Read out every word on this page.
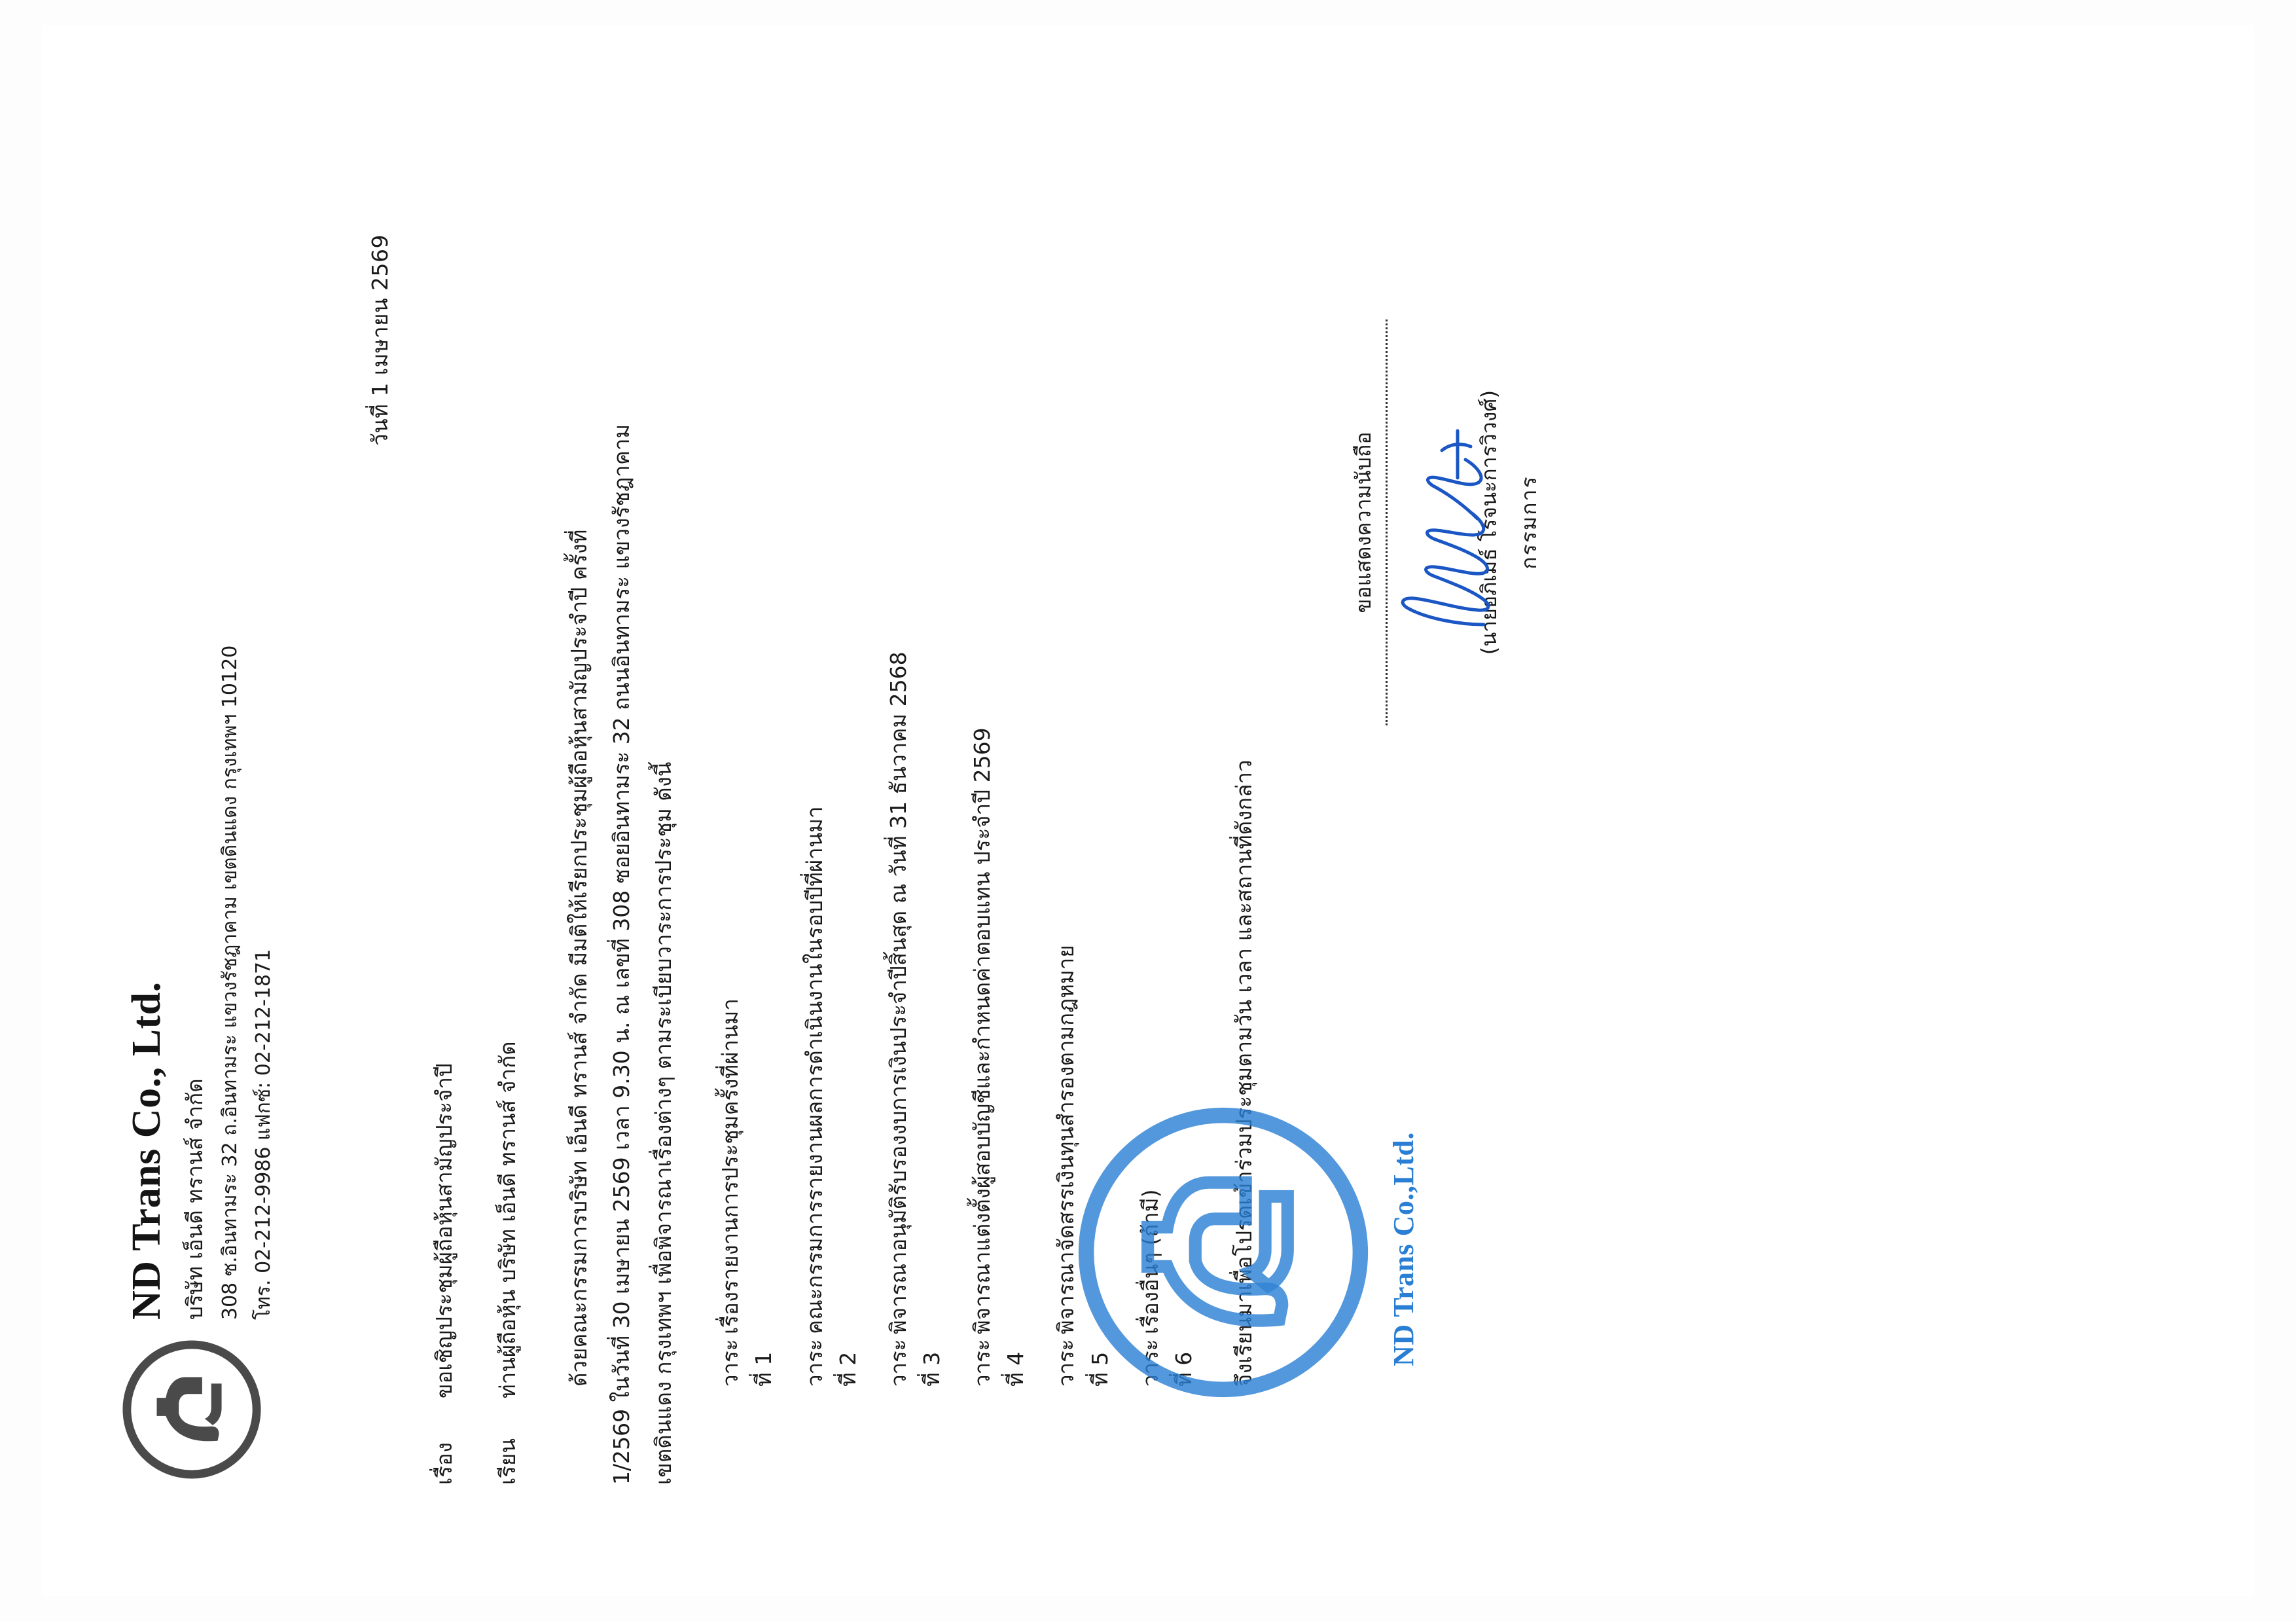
ND Trans Co., Ltd. บริษัท เอ็นดี ทรานส์ จำกัด 308 ซ.อินทามระ 32 ถ.อินทามระ แขวงรัชฎาคาม เขตดินแดง กรุงเทพฯ 10120 โทร. 02-212-9986 แฟกซ์: 02-212-1871
วันที่ 1 เมษายน 2569
เรื่อง
ขอเชิญประชุมผู้ถือหุ้นสามัญประจำปี
เรียน
ท่านผู้ถือหุ้น บริษัท เอ็นดี ทรานส์ จำกัด	ด้วยคณะกรรมการบริษัท เอ็นดี ทรานส์ จำกัด มีมติให้เรียกประชุมผู้ถือหุ้นสามัญประจำปี ครั้งที่ 1/2569 ในวันที่ 30 เมษายน 2569 เวลา 9.30 น. ณ เลขที่ 308 ซอยอินทามระ 32 ถนนอินทามระ แขวงรัชฎาคาม เขตดินแดง กรุงเทพฯ เพื่อพิจารณาเรื่องต่างๆ ตามระเบียบวาระการประชุม ดังนี้	วาระที่ 1
เรื่องรายงานการประชุมครั้งที่ผ่านมา
วาระที่ 2
คณะกรรมการรายงานผลการดำเนินงานในรอบปีที่ผ่านมา
วาระที่ 3
พิจารณาอนุมัติรับรองงบการเงินประจำปีสิ้นสุด ณ วันที่ 31 ธันวาคม 2568
วาระที่ 4
พิจารณาแต่งตั้งผู้สอบบัญชีและกำหนดค่าตอบแทน ประจำปี 2569
วาระที่ 5
พิจารณาจัดสรรเงินทุนสำรองตามกฎหมาย
วาระที่ 6
เรื่องอื่นๆ (ถ้ามี)	จึงเรียนมาเพื่อโปรดเข้าร่วมประชุมตามวัน เวลา และสถานที่ดังกล่าว
ขอแสดงความนับถือ	(นายอภิเมธ์ โรจนะการวิวงศ์) กรรมการ
ND Trans Co.,Ltd.
